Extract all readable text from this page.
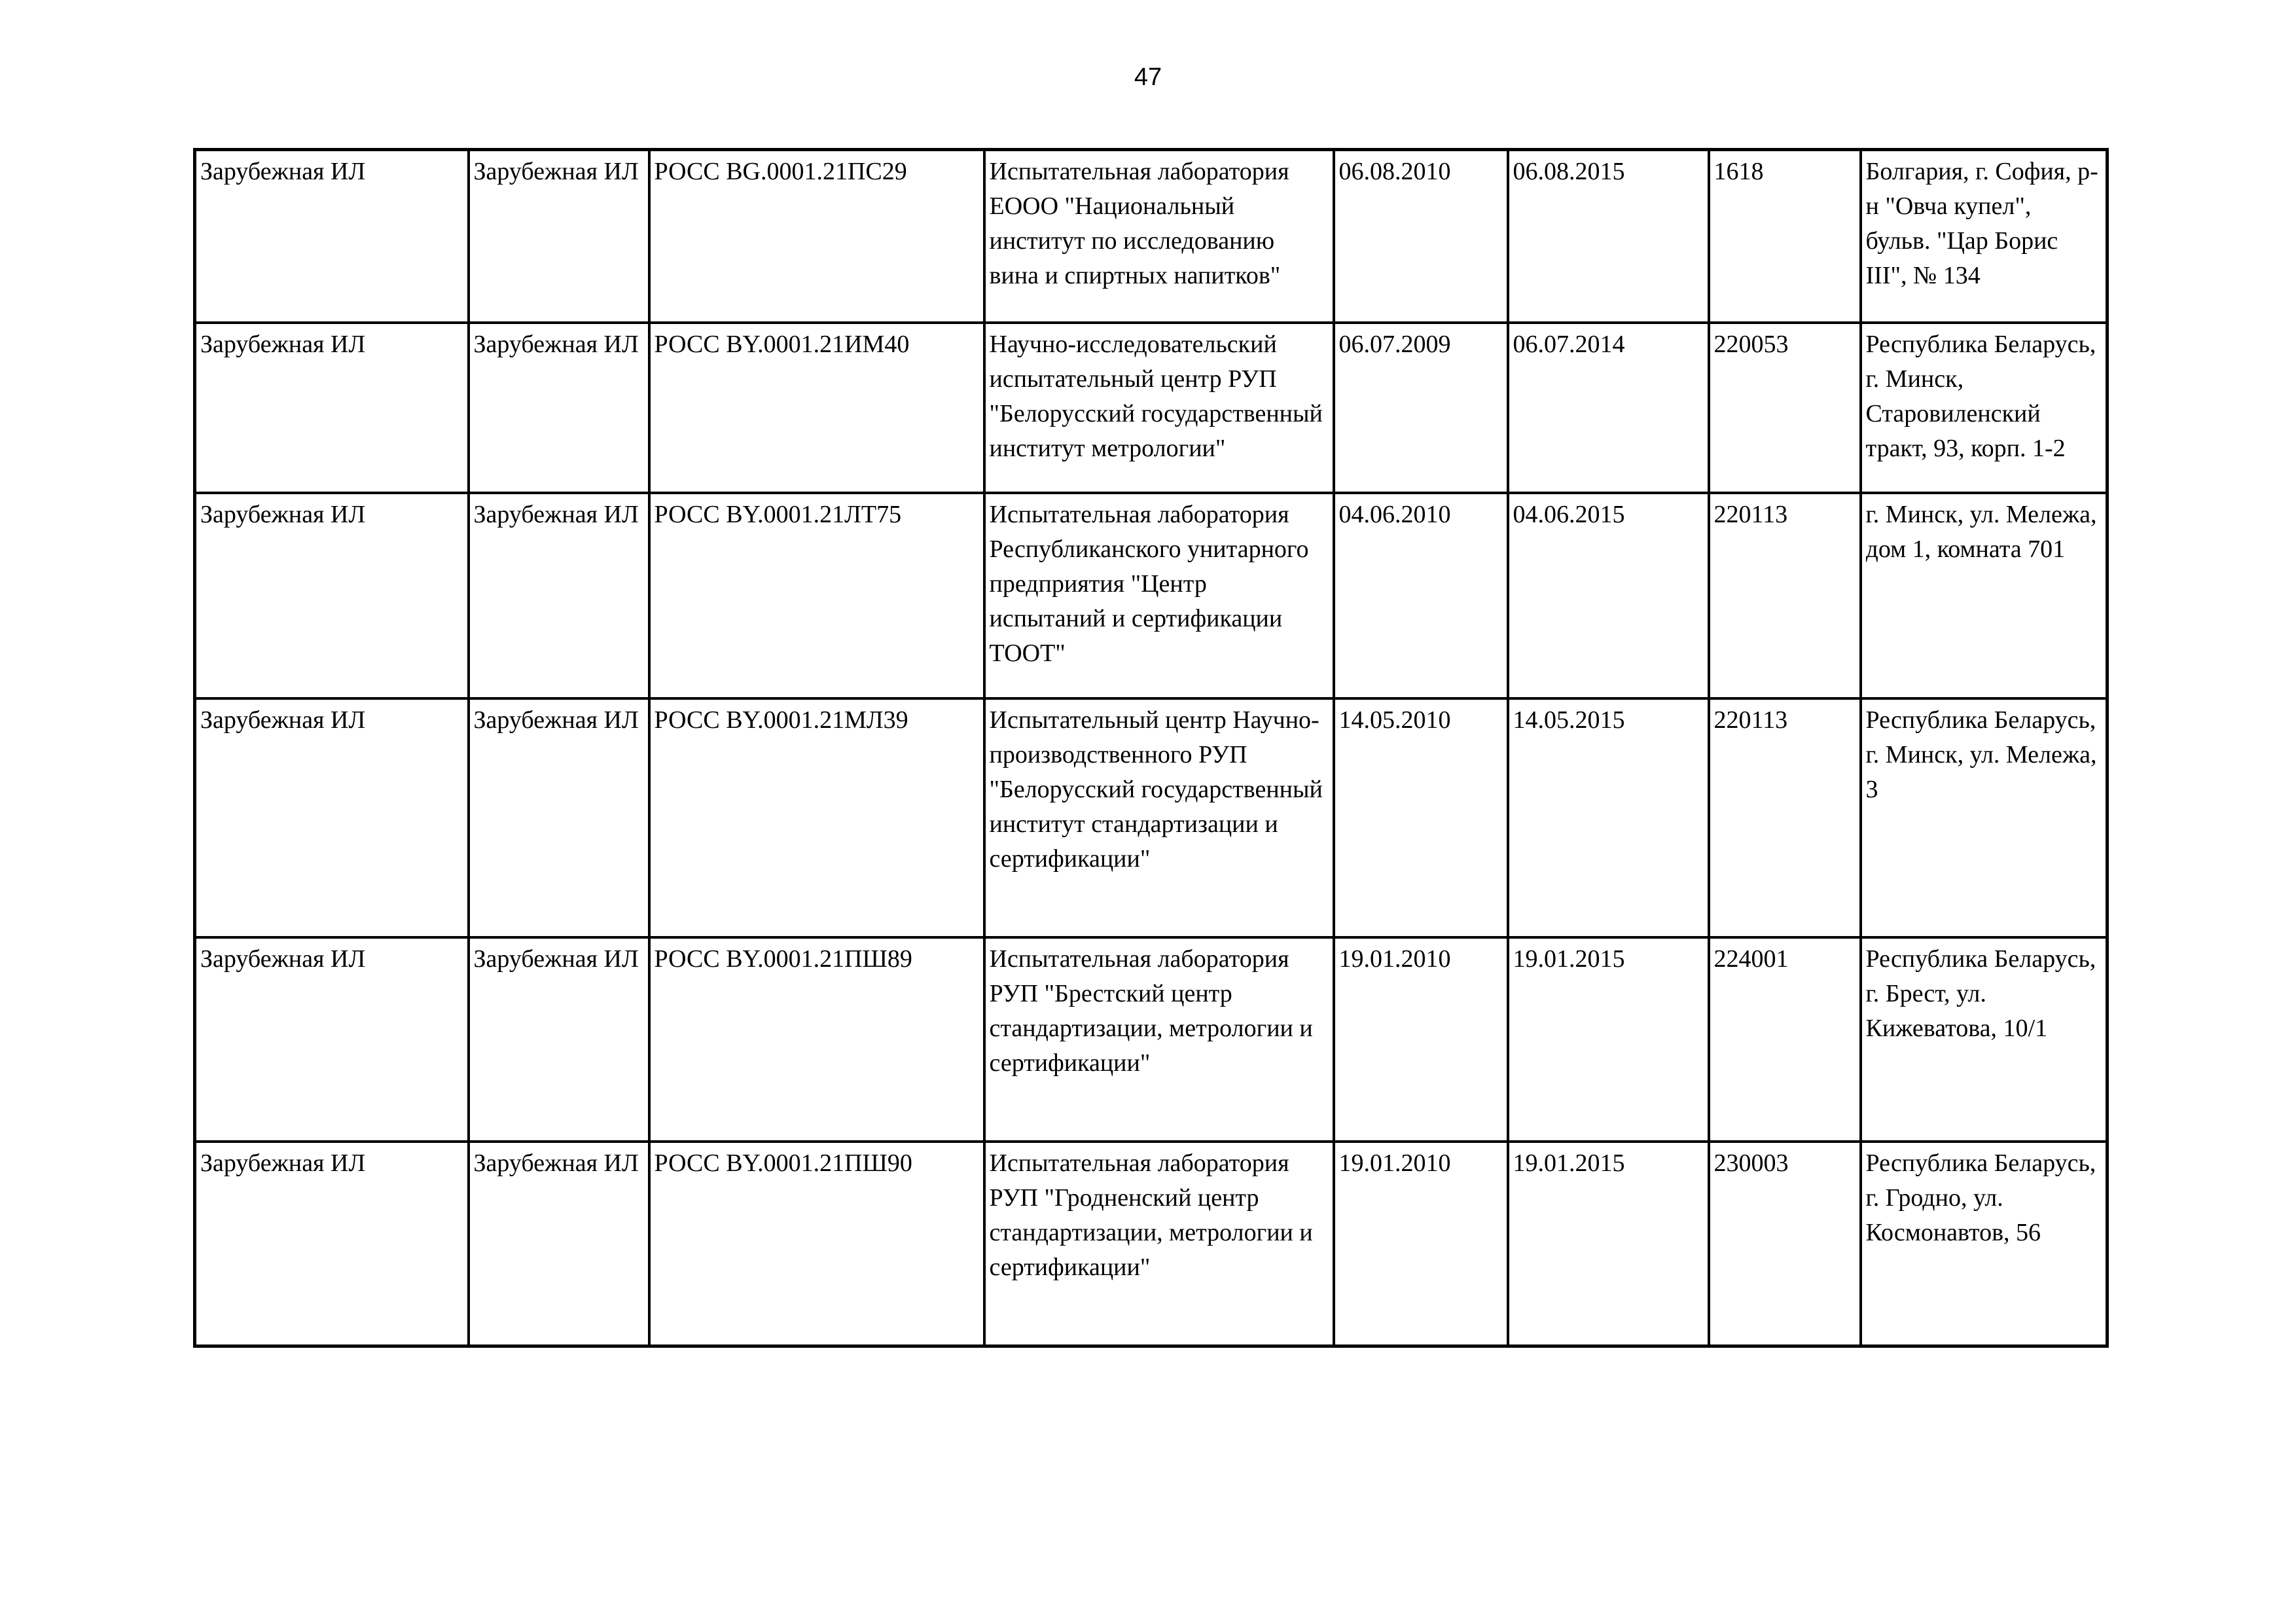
47
Зарубежная ИЛ	Зарубежная ИЛ	РОСС BG.0001.21ПС29	Испытательная лаборатория ЕООО "Национальный институт по исследованию вина и спиртных напитков"	06.08.2010	06.08.2015	1618	Болгария, г. София, р-н "Овча купел", бульв. "Цар Борис III", № 134

Зарубежная ИЛ	Зарубежная ИЛ	РОСС BY.0001.21ИМ40	Научно-исследовательский испытательный центр РУП "Белорусский государственный институт метрологии"	06.07.2009	06.07.2014	220053	Республика Беларусь, г. Минск, Старовиленский тракт, 93, корп. 1-2

Зарубежная ИЛ	Зарубежная ИЛ	РОСС BY.0001.21ЛТ75	Испытательная лаборатория Республиканского унитарного предприятия "Центр испытаний и сертификации ТООТ"	04.06.2010	04.06.2015	220113	г. Минск, ул. Мележа, дом 1, комната 701

Зарубежная ИЛ	Зарубежная ИЛ	РОСС BY.0001.21МЛ39	Испытательный центр Научно-производственного РУП "Белорусский государственный институт стандартизации и сертификации"	14.05.2010	14.05.2015	220113	Республика Беларусь, г. Минск, ул. Мележа, 3

Зарубежная ИЛ	Зарубежная ИЛ	РОСС BY.0001.21ПШ89	Испытательная лаборатория РУП "Брестский центр стандартизации, метрологии и сертификации"	19.01.2010	19.01.2015	224001	Республика Беларусь, г. Брест, ул. Кижеватова, 10/1

Зарубежная ИЛ	Зарубежная ИЛ	РОСС BY.0001.21ПШ90	Испытательная лаборатория РУП "Гродненский центр стандартизации, метрологии и сертификации"	19.01.2010	19.01.2015	230003	Республика Беларусь, г. Гродно, ул. Космонавтов, 56
